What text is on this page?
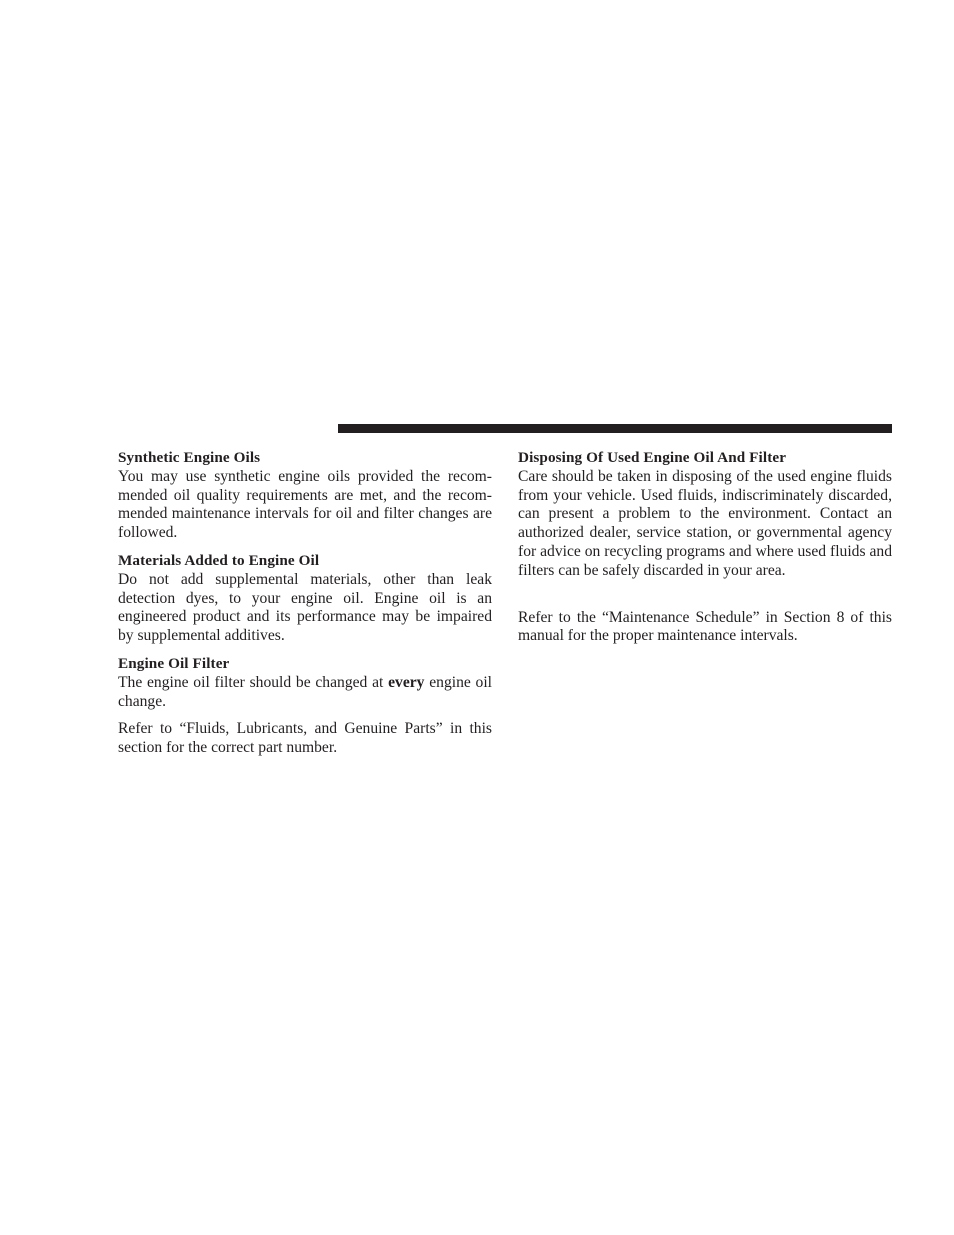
Synthetic Engine Oils

You may use synthetic engine oils provided the recommended oil quality requirements are met, and the recommended maintenance intervals for oil and filter changes are followed.

Materials Added to Engine Oil

Do not add supplemental materials, other than leak detection dyes, to your engine oil. Engine oil is an engineered product and its performance may be impaired by supplemental additives.

Engine Oil Filter

The engine oil filter should be changed at every engine oil change.

Refer to “Fluids, Lubricants, and Genuine Parts” in this section for the correct part number.

Disposing Of Used Engine Oil And Filter

Care should be taken in disposing of the used engine fluids from your vehicle. Used fluids, indiscriminately discarded, can present a problem to the environment. Contact an authorized dealer, service station, or governmental agency for advice on recycling programs and where used fluids and filters can be safely discarded in your area.

Refer to the “Maintenance Schedule” in Section 8 of this manual for the proper maintenance intervals.
